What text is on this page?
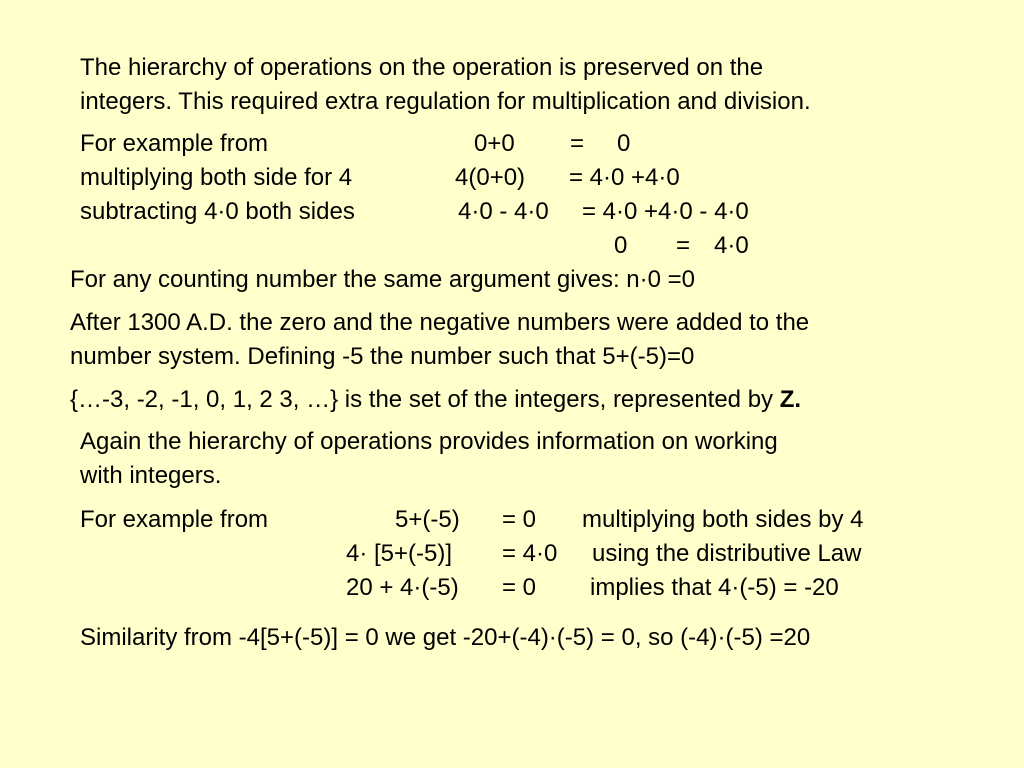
The hierarchy of operations on the operation is preserved on the
integers. This required extra regulation for multiplication and division.
For example from	0+0 = 0
multiplying both side for 4	4(0+0) = 4·0 +4·0
subtracting 4·0 both sides	4·0 - 4·0 = 4·0 +4·0 - 4·0
0 = 4·0
For any counting number the same argument gives: n·0 =0
After 1300 A.D. the zero and the negative numbers were added to the
number system. Defining -5 the number such that 5+(-5)=0
{…-3, -2, -1, 0, 1, 2 3, …} is the set of the integers, represented by Z.
Again the hierarchy of operations provides information on working
with integers.
For example from	5+(-5) = 0 multiplying both sides by 4
4· [5+(-5)] = 4·0 using the distributive Law
20 + 4·(-5) = 0 implies that 4·(-5) = -20
Similarity from -4[5+(-5)] = 0 we get -20+(-4)·(-5) = 0, so (-4)·(-5) =20
